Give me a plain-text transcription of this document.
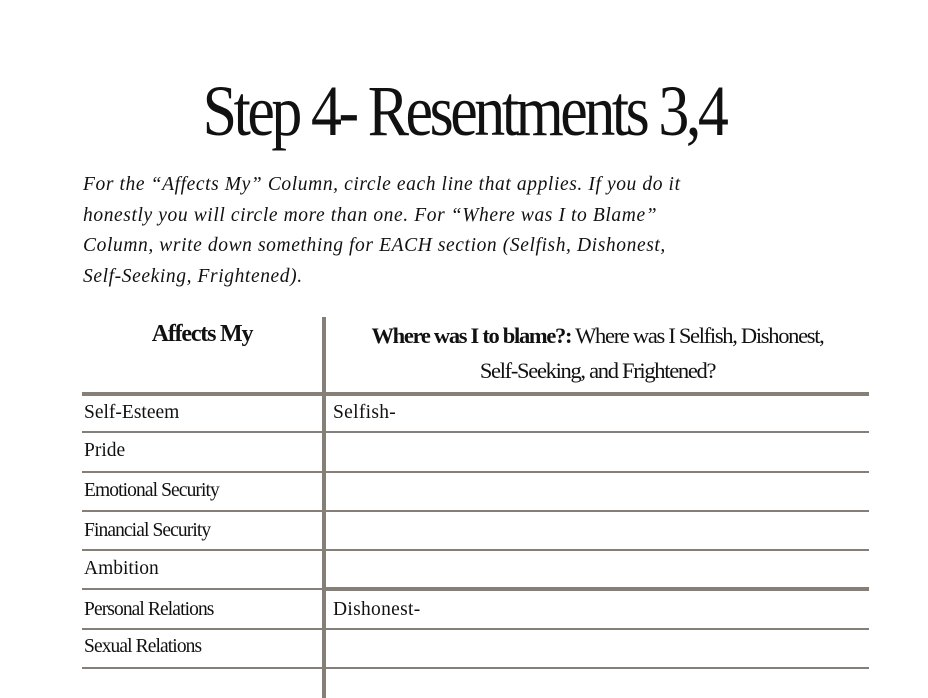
Step 4- Resentments 3,4

For the “Affects My” Column, circle each line that applies. If you do it
honestly you will circle more than one. For “Where was I to Blame”
Column, write down something for EACH section (Selfish, Dishonest,
Self-Seeking, Frightened).

Affects My	Where was I to blame?: Where was I Selfish, Dishonest,
Self-Seeking, and Frightened?
Self-Esteem
Pride
Emotional Security
Financial Security
Ambition
Personal Relations
Sexual Relations
Selfish-
Dishonest-
